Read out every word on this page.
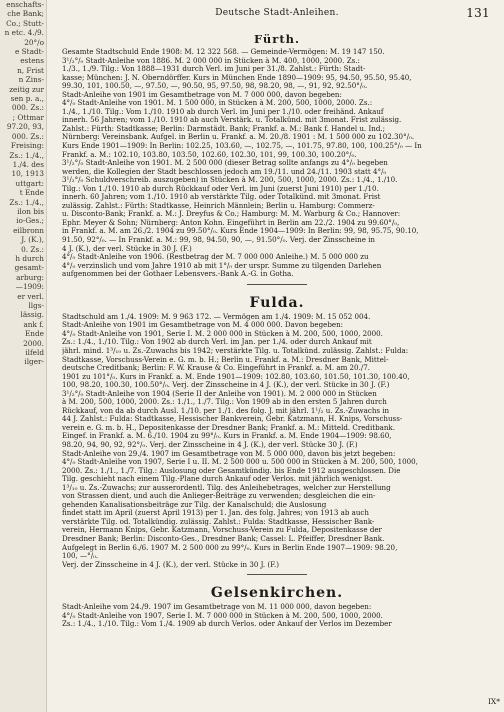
enschafts-
che Bank;
Co.; Stutt-
n etc. 4./9.
20°/o
e Stadt-
estens
n, Frist
n Zins-
zeitig zur
sen p. a.,
000. Zs.:
; Ottmar
97.20, 93,
000. Zs.:
Freising:
Zs.: 1./4.,
1./4. des
10, 1913
uttgart:
t Ende
Zs.: 1./4.,
ilon bis
io-Ges.;
eilbronn
J. (K.),
0. Zs.:
h durch
gesamt-
arburg:
—1909:
er verl.
llgs-
lässig.
ank f.
Ende
2000.
ilfeld
ilger-
Deutsche Stadt-Anleihen.	131
Fürth.
Gesamte Stadtschuld Ende 1908: M. 12 322 568. — Gemeinde-Vermögen: M. 19 147 150.
3¹/₂°/₀ Stadt-Anleihe von 1886. M. 2 000 000 in Stücken à M. 400, 1000, 2000. Zs.:
1./3., 1./9. Tilg.: Von 1888—1931 durch Verl. im Juni per 31./8. Zahlst.: Fürth: Stadt-
kasse; München: J. N. Oberndörffer. Kurs in München Ende 1890—1909: 95, 94.50, 95.50, 95.40,
99.30, 101, 100.50, —, 97.50, —, 90.50, 95, 97.50, 98, 98.20, 98, —, 91, 92, 92.50°/₀.
Stadt-Anleihe von 1901 im Gesamtbetrage von M. 7 000 000, davon begeben:
4°/₀ Stadt-Anleihe von 1901. M. 1 500 000, in Stücken à M. 200, 500, 1000, 2000. Zs.:
1./4., 1./10. Tilg.: Vom 1./10. 1910 ab durch Verl. im Juni per 1./10. oder freihänd. Ankauf
innerh. 56 Jahren; vom 1./10. 1910 ab auch Verstärk. u. Totalkünd. mit 3monat. Frist zulässig.
Zahlst.: Fürth: Stadtkasse; Berlin: Darmstädt. Bank; Frankf. a. M.: Bank f. Handel u. Ind.;
Nürnberg: Vereinsbank. Aufgel. in Berlin u. Frankf. a. M. 20./8. 1901 : M. 1 500 000 zu 102.30°/₀.
Kurs Ende 1901—1909: In Berlin: 102.25, 103.60, —, 102.75, —, 101.75, 97.80, 100, 100.25°/₀ — In
Frankf. a. M.: 102.10, 103.80, 103.50, 102.60, 102.30, 101, 99, 100.30, 100.20°/₀.
3¹/₂°/₀ Stadt-Anleihe von 1901. M. 2 500 000 (dieser Betrag sollte anfangs zu 4°/₀ begeben
werden, die Kollegien der Stadt beschlossen jedoch am 19./11. und 24./11. 1903 statt 4°/₀
3¹/₂°/₀ Schuldverschreib. auszugeben) in Stücken à M. 200, 500, 1000, 2000. Zs.: 1./4., 1./10.
Tilg.: Von 1./10. 1910 ab durch Rückkauf oder Verl. im Juni (zuerst Juni 1910) per 1./10.
innerh. 60 Jahren; vom 1./10. 1910 ab verstärkte Tilg. oder Totalkünd. mit 3monat. Frist
zulässig. Zahlst.: Fürth: Stadtkasse, Heinrich Männlein; Berlin u. Hamburg: Commerz-
u. Disconto-Bank; Frankf. a. M.: J. Dreyfus & Co.; Hamburg: M. M. Warburg & Co.; Hannover:
Ephr. Meyer & Sohn; Nürnberg: Anton Kohn. Eingeführt in Berlin am 22./2. 1904 zu 99.60°/₀,
in Frankf. a. M. am 26./2. 1904 zu 99.50°/₀. Kurs Ende 1904—1909: In Berlin: 99, 98, 95.75, 90.10,
91.50, 92°/₀. — In Frankf. a. M.: 99, 98, 94.50, 90, —, 91.50°/₀. Verj. der Zinsscheine in
4 J. (K.), der verl. Stücke in 30 J. (F.)
4°/₀ Stadt-Anleihe von 1906. (Restbetrag der M. 7 000 000 Anleihe.) M. 5 000 000 zu
4°/₀ verzinslich und vom Jahre 1910 ab mit 1°/₀ der urspr. Summe zu tilgenden Darlehen
aufgenommen bei der Gothaer Lebensvers.-Bank A.-G. in Gotha.
Fulda.
Stadtschuld am 1./4. 1909: M. 9 963 172. — Vermögen am 1./4. 1909: M. 15 052 004.
Stadt-Anleihe von 1901 im Gesamtbetrage von M. 4 000 000. Davon begeben:
4°/₀ Stadt-Anleihe von 1901, Serie I. M. 2 000 000 in Stücken à M. 200, 500, 1000, 2000.
Zs.: 1./4., 1./10. Tilg.: Von 1902 ab durch Verl. im Jan. per 1./4. oder durch Ankauf mit
jährl. mind. 1³/₁₀ u. Zs.-Zuwachs bis 1942; verstärkte Tilg. u. Totalkünd. zulässig. Zahlst.: Fulda:
Stadtkasse, Vorschuss-Verein e. G. m. b. H.; Berlin u. Frankf. a. M.: Dresdner Bank, Mittel-
deutsche Creditbank; Berlin: F. W. Krause & Co. Eingeführt in Frankf. a. M. am 20./7.
1901 zu 101°/₀. Kurs in Frankf. a. M. Ende 1901—1909: 102.80, 103.60, 101.50, 101.30, 100.40,
100, 98.20, 100.30, 100.50°/₀. Verj. der Zinsscheine in 4 J. (K.), der verl. Stücke in 30 J. (F.)
3¹/₂°/₀ Stadt-Anleihe von 1904 (Serie II der Anleihe von 1901). M. 2 000 000 in Stücken
à M. 200, 500, 1000, 2000. Zs.: 1./1., 1./7. Tilg.: Von 1909 ab in den ersten 5 Jahren durch
Rückkauf, von da ab durch Ausl. 1./10. per 1./1. des folg. J. mit jährl. 1¹/₂ u. Zs.-Zuwachs in
44 J. Zahlst.: Fulda: Stadtkasse, Hessischer Bankverein, Gebr. Katzmann, H. Knips, Vorschuss-
verein e. G. m. b. H., Depositenkasse der Dresdner Bank; Frankf. a. M.: Mitteld. Creditbank.
Eingef. in Frankf. a. M. 6./10. 1904 zu 99°/₀. Kurs in Frankf. a. M. Ende 1904—1909: 98.60,
98.20, 94, 90, 92, 92°/₀. Verj. der Zinsscheine in 4 J. (K.), der verl. Stücke 30 J. (F.)
Stadt-Anleihe von 29./4. 1907 im Gesamtbetrage von M. 5 000 000, davon bis jetzt begeben:
4°/₀ Stadt-Anleihe von 1907, Serie I u. II. M. 2 500 000 u. 500 000 in Stücken à M. 200, 500, 1000,
2000. Zs.: 1./1., 1./7. Tilg.: Auslosung oder Gesamtkündig. bis Ende 1912 ausgeschlossen. Die
Tilg. geschieht nach einem Tilg.-Plane durch Ankauf oder Verlos. mit jährlich wenigst.
1³/₁₀ u. Zs.-Zuwachs; zur ausserordentl. Tilg. des Anleihebetrages, welcher zur Herstellung
von Strassen dient, und auch die Anlieger-Beiträge zu verwenden; desgleichen die ein-
gehenden Kanalisationsbeiträge zur Tilg. der Kanalschuld; die Auslosung
findet statt im April (zuerst April 1913) per 1. Jan. des folg. Jahres; von 1913 ab auch
verstärkte Tilg. od. Totalkündig. zulässig. Zahlst.: Fulda: Stadtkasse, Hessischer Bank-
verein, Hermann Knips, Gebr. Katzmann, Vorschuss-Verein zu Fulda, Depositenkasse der
Dresdner Bank; Berlin: Disconto-Ges., Dresdner Bank; Cassel: L. Pfeiffer, Dresdner Bank.
Aufgelegt in Berlin 6./6. 1907 M. 2 500 000 zu 99°/₀. Kurs in Berlin Ende 1907—1909: 98.20,
100, —°/₀.
Verj. der Zinsscheine in 4 J. (K.), der verl. Stücke in 30 J. (F.)
Gelsenkirchen.
Stadt-Anleihe vom 24./9. 1907 im Gesamtbetrage von M. 11 000 000, davon begeben:
4°/₀ Stadt-Anleihe von 1907, Serie I. M. 7 000 000 in Stücken à M. 200, 500, 1000, 2000.
Zs.: 1./4., 1./10. Tilg.: Vom 1./4. 1909 ab durch Verlos. oder Ankauf der Verlos im Dezember
IX*
